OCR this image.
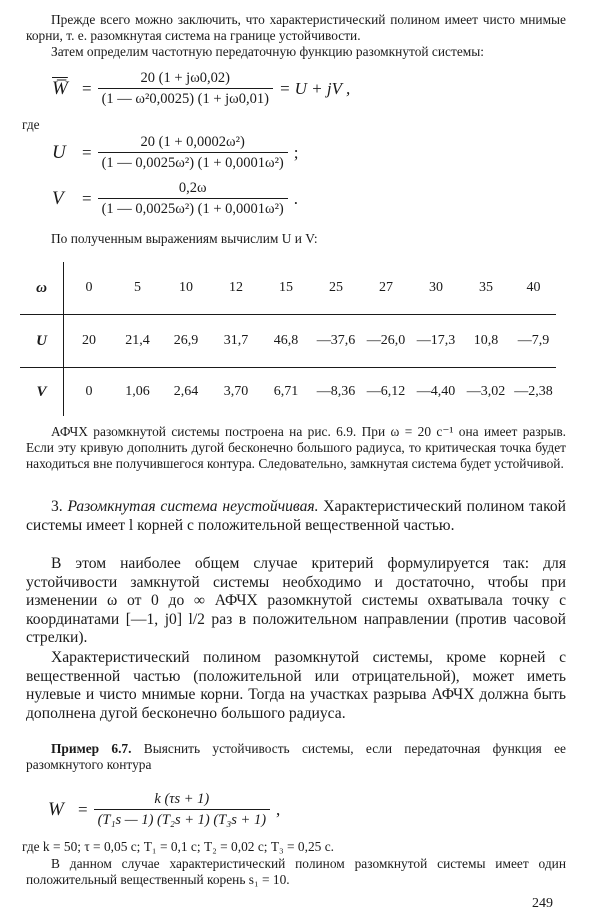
Прежде всего можно заключить, что характеристический полином имеет чисто мнимые корни, т. е. разомкнутая система на границе устойчивости.

Затем определим частотную передаточную функцию разомкнутой системы:

W̅ = $\frac{20 (1 + j\omega 0,02)}{\text{(1 — ω²0,0025) (1 + jω0,01)}} = U$ + jV ,

где

$U = \frac{\text{20 (1 + 0,0002ω²)}}{\text{(1 — 0,0025ω²) (1 + 0,0001ω²)}}$ ;
V	= $\frac{0,2\omega}{\text{(1 — 0,0025ω²) (1 + 0,0001ω²)}}$ .

По полученным выражениям вычислим U и V:

ω	0	5	10	12	15	25	27	30	35	40
U	20	21,4	26,9	31,7	46,8	—37,6	—26,0	—17,3	10,8	—7,9
V	0	1,06	2,64	3,70	6,71	—8,36	—6,12	—4,40	—3,02	—2,38

АФЧХ разомкнутой системы построена на рис. 6.9. При ω = 20 с⁻¹ она имеет разрыв. Если эту кривую дополнить дугой бесконечно большого радиуса, то критическая точка будет находиться вне получившегося контура. Следовательно, замкнутая система будет устойчивой.

3. Разомкнутая система неустойчивая. Характеристический полином такой системы имеет l корней с положительной вещественной частью.

В этом наиболее общем случае критерий формулируется так: для устойчивости замкнутой системы необходимо и достаточно, чтобы при изменении ω от 0 до ∞ АФЧХ разомкнутой системы охватывала точку с координатами [—1, j0] l/2 раз в положительном направлении (против часовой стрелки).

Характеристический полином разомкнутой системы, кроме корней с вещественной частью (положительной или отрицательной), может иметь нулевые и чисто мнимые корни. Тогда на участках разрыва АФЧХ должна быть дополнена дугой бесконечно большого радиуса.

Пример 6.7. Выяснить устойчивость системы, если передаточная функция ее разомкнутого контура

$W = \frac{k (\tau s + 1)}{\text{(T₁s — 1) (T₂s + 1) (T₃s + 1)}}$ ,

где k = 50; τ = 0,05 с; T₁ = 0,1 с; T₂ = 0,02 с; T₃ = 0,25 с.

В данном случае характеристический полином разомкнутой системы имеет один положительный вещественный корень s₁ = 10.

249
